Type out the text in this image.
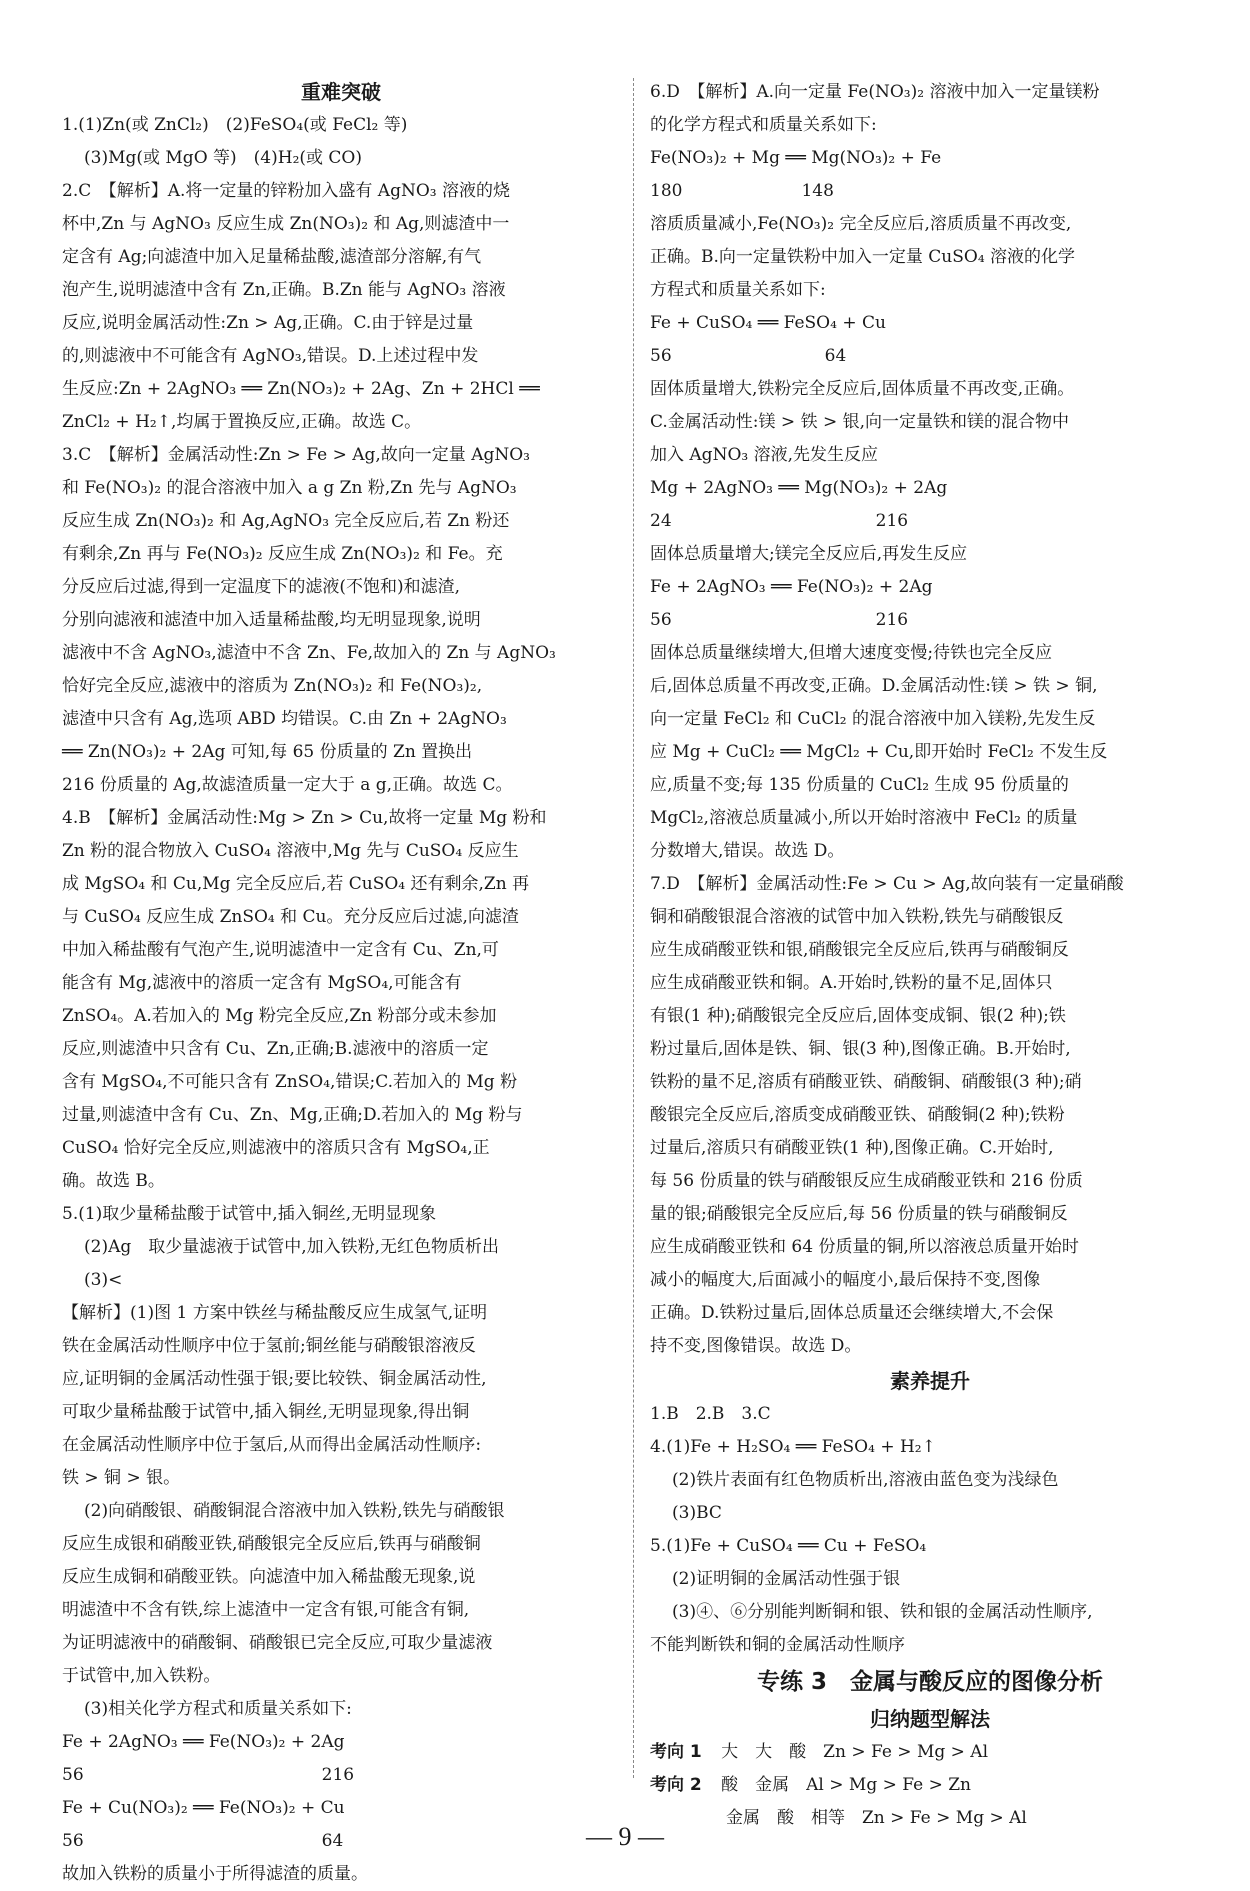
重难突破
1.(1)Zn(或 ZnCl₂)　(2)FeSO₄(或 FeCl₂ 等)
(3)Mg(或 MgO 等)　(4)H₂(或 CO)
2.C　【解析】A.将一定量的锌粉加入盛有 AgNO₃ 溶液的烧
杯中,Zn 与 AgNO₃ 反应生成 Zn(NO₃)₂ 和 Ag,则滤渣中一
定含有 Ag;向滤渣中加入足量稀盐酸,滤渣部分溶解,有气
泡产生,说明滤渣中含有 Zn,正确。B.Zn 能与 AgNO₃ 溶液
反应,说明金属活动性:Zn > Ag,正确。C.由于锌是过量
的,则滤液中不可能含有 AgNO₃,错误。D.上述过程中发
生反应:Zn + 2AgNO₃ ══ Zn(NO₃)₂ + 2Ag、Zn + 2HCl ══
ZnCl₂ + H₂↑,均属于置换反应,正确。故选 C。
3.C　【解析】金属活动性:Zn > Fe > Ag,故向一定量 AgNO₃
和 Fe(NO₃)₂ 的混合溶液中加入 a g Zn 粉,Zn 先与 AgNO₃
反应生成 Zn(NO₃)₂ 和 Ag,AgNO₃ 完全反应后,若 Zn 粉还
有剩余,Zn 再与 Fe(NO₃)₂ 反应生成 Zn(NO₃)₂ 和 Fe。充
分反应后过滤,得到一定温度下的滤液(不饱和)和滤渣,
分别向滤液和滤渣中加入适量稀盐酸,均无明显现象,说明
滤液中不含 AgNO₃,滤渣中不含 Zn、Fe,故加入的 Zn 与 AgNO₃
恰好完全反应,滤液中的溶质为 Zn(NO₃)₂ 和 Fe(NO₃)₂,
滤渣中只含有 Ag,选项 ABD 均错误。C.由 Zn + 2AgNO₃
══ Zn(NO₃)₂ + 2Ag 可知,每 65 份质量的 Zn 置换出
216 份质量的 Ag,故滤渣质量一定大于 a g,正确。故选 C。
4.B　【解析】金属活动性:Mg > Zn > Cu,故将一定量 Mg 粉和
Zn 粉的混合物放入 CuSO₄ 溶液中,Mg 先与 CuSO₄ 反应生
成 MgSO₄ 和 Cu,Mg 完全反应后,若 CuSO₄ 还有剩余,Zn 再
与 CuSO₄ 反应生成 ZnSO₄ 和 Cu。充分反应后过滤,向滤渣
中加入稀盐酸有气泡产生,说明滤渣中一定含有 Cu、Zn,可
能含有 Mg,滤液中的溶质一定含有 MgSO₄,可能含有
ZnSO₄。A.若加入的 Mg 粉完全反应,Zn 粉部分或未参加
反应,则滤渣中只含有 Cu、Zn,正确;B.滤液中的溶质一定
含有 MgSO₄,不可能只含有 ZnSO₄,错误;C.若加入的 Mg 粉
过量,则滤渣中含有 Cu、Zn、Mg,正确;D.若加入的 Mg 粉与
CuSO₄ 恰好完全反应,则滤液中的溶质只含有 MgSO₄,正
确。故选 B。
5.(1)取少量稀盐酸于试管中,插入铜丝,无明显现象
(2)Ag　取少量滤液于试管中,加入铁粉,无红色物质析出
(3)<
【解析】(1)图 1 方案中铁丝与稀盐酸反应生成氢气,证明
铁在金属活动性顺序中位于氢前;铜丝能与硝酸银溶液反
应,证明铜的金属活动性强于银;要比较铁、铜金属活动性,
可取少量稀盐酸于试管中,插入铜丝,无明显现象,得出铜
在金属活动性顺序中位于氢后,从而得出金属活动性顺序:
铁 > 铜 > 银。
(2)向硝酸银、硝酸铜混合溶液中加入铁粉,铁先与硝酸银
反应生成银和硝酸亚铁,硝酸银完全反应后,铁再与硝酸铜
反应生成铜和硝酸亚铁。向滤渣中加入稀盐酸无现象,说
明滤渣中不含有铁,综上滤渣中一定含有银,可能含有铜,
为证明滤液中的硝酸铜、硝酸银已完全反应,可取少量滤液
于试管中,加入铁粉。
(3)相关化学方程式和质量关系如下:
Fe + 2AgNO₃ ══ Fe(NO₃)₂ + 2Ag
56　　　　　　　　　　　　　　216
Fe + Cu(NO₃)₂ ══ Fe(NO₃)₂ + Cu
56　　　　　　　　　　　　　　64
故加入铁粉的质量小于所得滤渣的质量。
6.D　【解析】A.向一定量 Fe(NO₃)₂ 溶液中加入一定量镁粉
的化学方程式和质量关系如下:
Fe(NO₃)₂ + Mg ══ Mg(NO₃)₂ + Fe
180　　　　　　　148
溶质质量减小,Fe(NO₃)₂ 完全反应后,溶质质量不再改变,
正确。B.向一定量铁粉中加入一定量 CuSO₄ 溶液的化学
方程式和质量关系如下:
Fe + CuSO₄ ══ FeSO₄ + Cu
56　　　　　　　　　64
固体质量增大,铁粉完全反应后,固体质量不再改变,正确。
C.金属活动性:镁 > 铁 > 银,向一定量铁和镁的混合物中
加入 AgNO₃ 溶液,先发生反应
Mg + 2AgNO₃ ══ Mg(NO₃)₂ + 2Ag
24　　　　　　　　　　　　216
固体总质量增大;镁完全反应后,再发生反应
Fe + 2AgNO₃ ══ Fe(NO₃)₂ + 2Ag
56　　　　　　　　　　　　216
固体总质量继续增大,但增大速度变慢;待铁也完全反应
后,固体总质量不再改变,正确。D.金属活动性:镁 > 铁 > 铜,
向一定量 FeCl₂ 和 CuCl₂ 的混合溶液中加入镁粉,先发生反
应 Mg + CuCl₂ ══ MgCl₂ + Cu,即开始时 FeCl₂ 不发生反
应,质量不变;每 135 份质量的 CuCl₂ 生成 95 份质量的
MgCl₂,溶液总质量减小,所以开始时溶液中 FeCl₂ 的质量
分数增大,错误。故选 D。
7.D　【解析】金属活动性:Fe > Cu > Ag,故向装有一定量硝酸
铜和硝酸银混合溶液的试管中加入铁粉,铁先与硝酸银反
应生成硝酸亚铁和银,硝酸银完全反应后,铁再与硝酸铜反
应生成硝酸亚铁和铜。A.开始时,铁粉的量不足,固体只
有银(1 种);硝酸银完全反应后,固体变成铜、银(2 种);铁
粉过量后,固体是铁、铜、银(3 种),图像正确。B.开始时,
铁粉的量不足,溶质有硝酸亚铁、硝酸铜、硝酸银(3 种);硝
酸银完全反应后,溶质变成硝酸亚铁、硝酸铜(2 种);铁粉
过量后,溶质只有硝酸亚铁(1 种),图像正确。C.开始时,
每 56 份质量的铁与硝酸银反应生成硝酸亚铁和 216 份质
量的银;硝酸银完全反应后,每 56 份质量的铁与硝酸铜反
应生成硝酸亚铁和 64 份质量的铜,所以溶液总质量开始时
减小的幅度大,后面减小的幅度小,最后保持不变,图像
正确。D.铁粉过量后,固体总质量还会继续增大,不会保
持不变,图像错误。故选 D。
素养提升
1.B　2.B　3.C
4.(1)Fe + H₂SO₄ ══ FeSO₄ + H₂↑
(2)铁片表面有红色物质析出,溶液由蓝色变为浅绿色
(3)BC
5.(1)Fe + CuSO₄ ══ Cu + FeSO₄
(2)证明铜的金属活动性强于银
(3)④、⑥分别能判断铜和银、铁和银的金属活动性顺序,
不能判断铁和铜的金属活动性顺序
专练 3　金属与酸反应的图像分析
归纳题型解法
考向 1 大　大　酸　Zn > Fe > Mg > Al
考向 2 酸　金属　Al > Mg > Fe > Zn
金属　酸　相等　Zn > Fe > Mg > Al
— 9 —
